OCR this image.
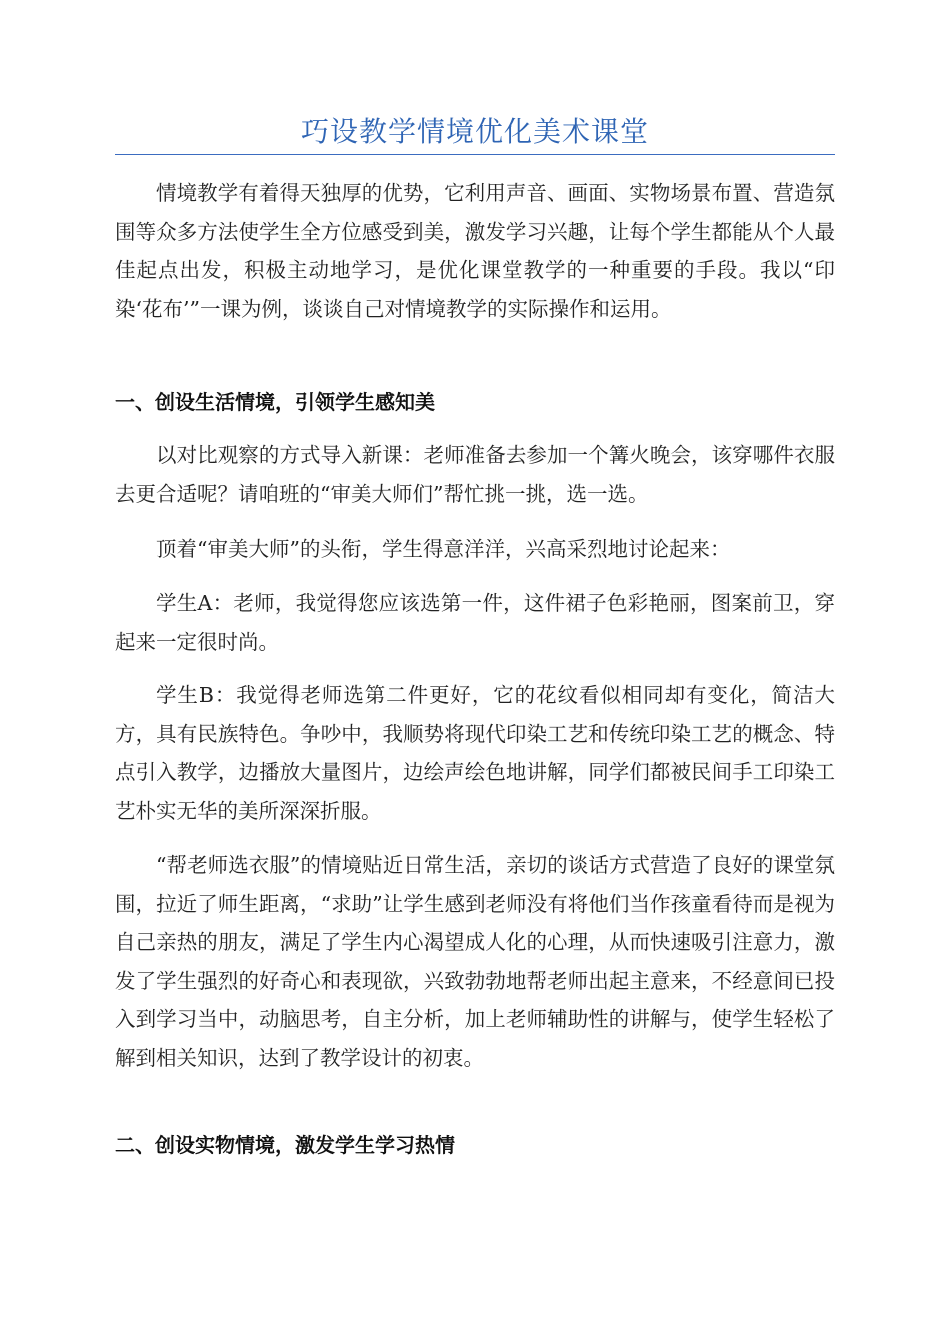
巧设教学情境优化美术课堂
情境教学有着得天独厚的优势，它利用声音、画面、实物场景布置、营造氛围等众多方法使学生全方位感受到美，激发学习兴趣，让每个学生都能从个人最佳起点出发，积极主动地学习，是优化课堂教学的一种重要的手段。我以“印染‘花布’”一课为例，谈谈自己对情境教学的实际操作和运用。
一、创设生活情境，引领学生感知美
以对比观察的方式导入新课：老师准备去参加一个篝火晚会，该穿哪件衣服去更合适呢？请咱班的“审美大师们”帮忙挑一挑，选一选。
顶着“审美大师”的头衔，学生得意洋洋，兴高采烈地讨论起来：
学生A：老师，我觉得您应该选第一件，这件裙子色彩艳丽，图案前卫，穿起来一定很时尚。
学生B：我觉得老师选第二件更好，它的花纹看似相同却有变化，简洁大方，具有民族特色。争吵中，我顺势将现代印染工艺和传统印染工艺的概念、特点引入教学，边播放大量图片，边绘声绘色地讲解，同学们都被民间手工印染工艺朴实无华的美所深深折服。
“帮老师选衣服”的情境贴近日常生活，亲切的谈话方式营造了良好的课堂氛围，拉近了师生距离，“求助”让学生感到老师没有将他们当作孩童看待而是视为自己亲热的朋友，满足了学生内心渴望成人化的心理，从而快速吸引注意力，激发了学生强烈的好奇心和表现欲，兴致勃勃地帮老师出起主意来，不经意间已投入到学习当中，动脑思考，自主分析，加上老师辅助性的讲解与，使学生轻松了解到相关知识，达到了教学设计的初衷。
二、创设实物情境，激发学生学习热情
